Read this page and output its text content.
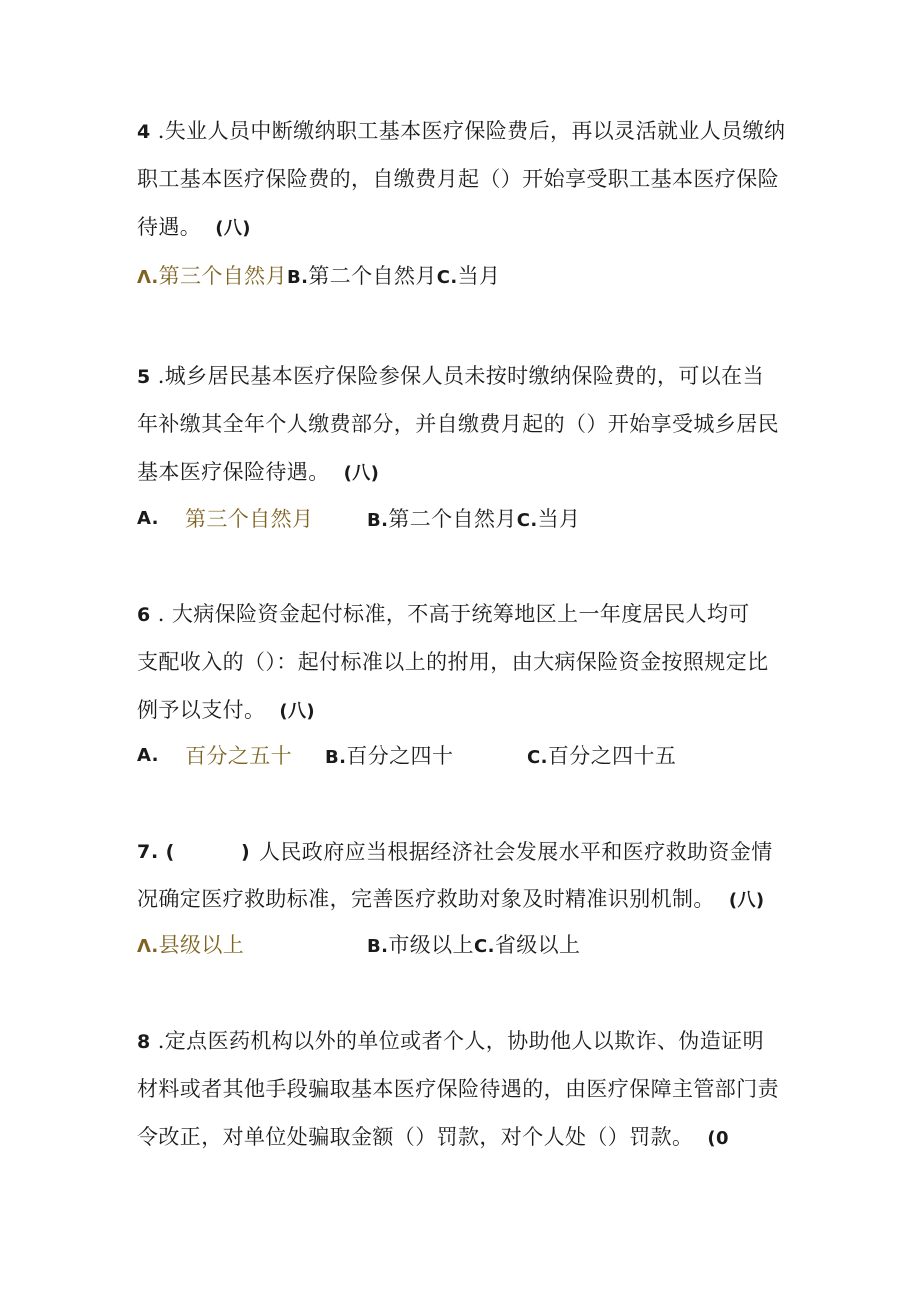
4 .失业人员中断缴纳职工基本医疗保险费后，再以灵活就业人员缴纳
职工基本医疗保险费的，自缴费月起（）开始享受职工基本医疗保险
待遇。 (八)
Λ.第三个自然月B.第二个自然月C.当月
5 .城乡居民基本医疗保险参保人员未按时缴纳保险费的，可以在当
年补缴其全年个人缴费部分，并自缴费月起的（）开始享受城乡居民
基本医疗保险待遇。 (八)
A. 第三个自然月	B.第二个自然月C.当月
6 . 大病保险资金起付标准，不高于统筹地区上一年度居民人均可
支配收入的（）：起付标准以上的拊用，由大病保险资金按照规定比
例予以支付。 (八)
A. 百分之五十 B.百分之四十	C.百分之四十五
7 . (	) 人民政府应当根据经济社会发展水平和医疗救助资金情
况确定医疗救助标准，完善医疗救助对象及时精准识别机制。 (八)
Λ.县级以上	B.市级以上C.省级以上
8 .定点医药机构以外的单位或者个人，协助他人以欺诈、伪造证明
材料或者其他手段骗取基本医疗保险待遇的，由医疗保障主管部门责
令改正，对单位处骗取金额（）罚款，对个人处（）罚款。 (0
